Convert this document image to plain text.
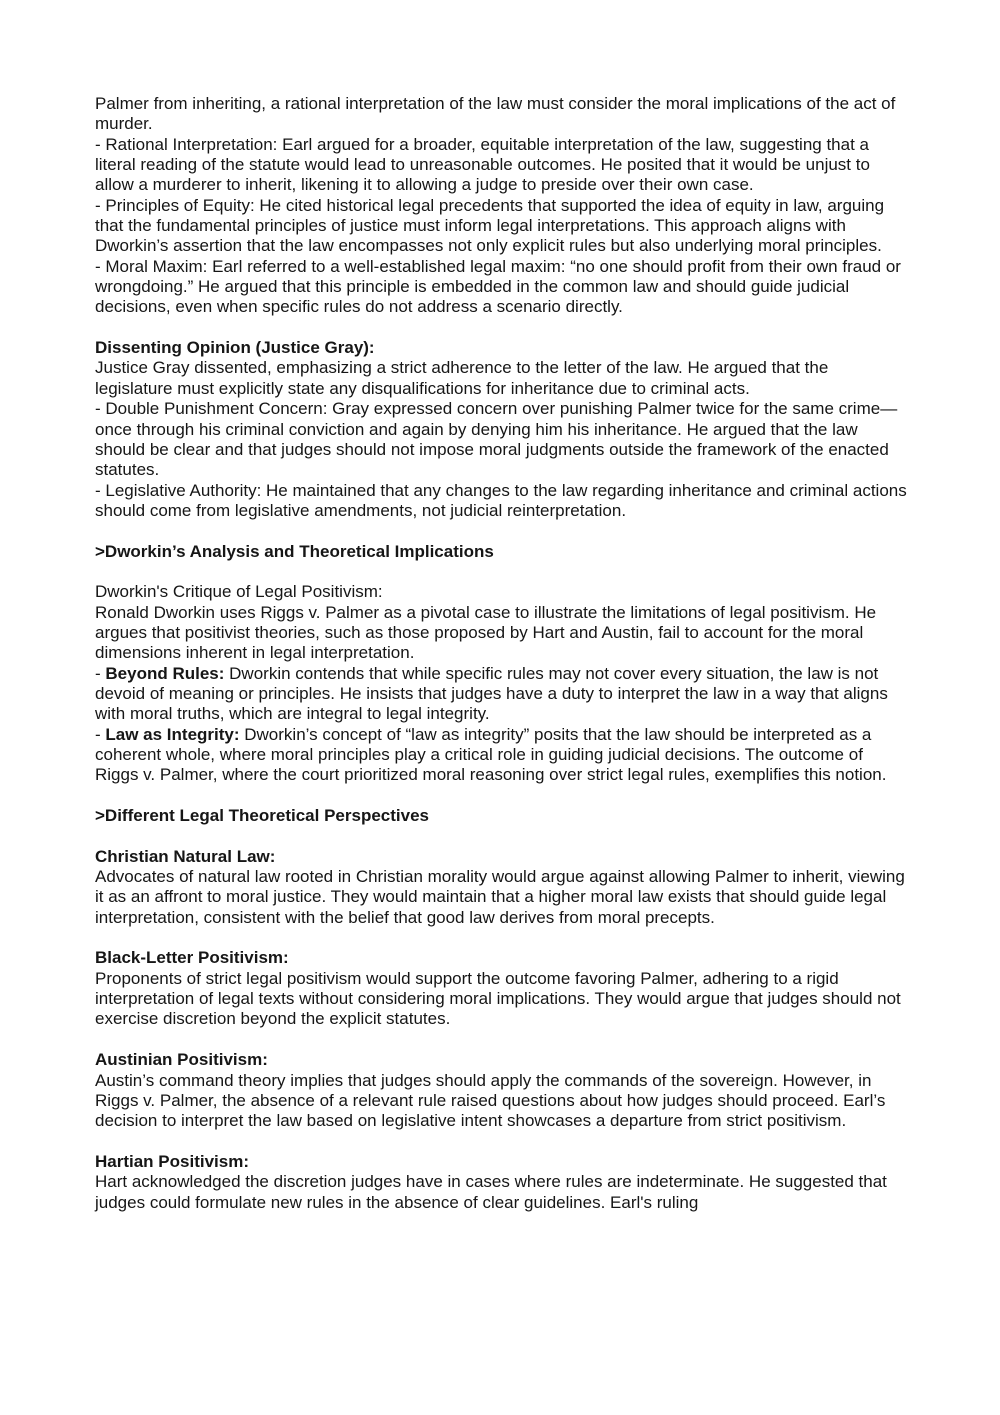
Palmer from inheriting, a rational interpretation of the law must consider the moral implications of the act of murder.

- Rational Interpretation: Earl argued for a broader, equitable interpretation of the law, suggesting that a literal reading of the statute would lead to unreasonable outcomes. He posited that it would be unjust to allow a murderer to inherit, likening it to allowing a judge to preside over their own case.

- Principles of Equity: He cited historical legal precedents that supported the idea of equity in law, arguing that the fundamental principles of justice must inform legal interpretations. This approach aligns with Dworkin’s assertion that the law encompasses not only explicit rules but also underlying moral principles.

- Moral Maxim: Earl referred to a well-established legal maxim: “no one should profit from their own fraud or wrongdoing.” He argued that this principle is embedded in the common law and should guide judicial decisions, even when specific rules do not address a scenario directly.

Dissenting Opinion (Justice Gray):

Justice Gray dissented, emphasizing a strict adherence to the letter of the law. He argued that the legislature must explicitly state any disqualifications for inheritance due to criminal acts.

- Double Punishment Concern: Gray expressed concern over punishing Palmer twice for the same crime—once through his criminal conviction and again by denying him his inheritance. He argued that the law should be clear and that judges should not impose moral judgments outside the framework of the enacted statutes.

- Legislative Authority: He maintained that any changes to the law regarding inheritance and criminal actions should come from legislative amendments, not judicial reinterpretation.

>Dworkin’s Analysis and Theoretical Implications

Dworkin's Critique of Legal Positivism:

Ronald Dworkin uses Riggs v. Palmer as a pivotal case to illustrate the limitations of legal positivism. He argues that positivist theories, such as those proposed by Hart and Austin, fail to account for the moral dimensions inherent in legal interpretation.

- Beyond Rules: Dworkin contends that while specific rules may not cover every situation, the law is not devoid of meaning or principles. He insists that judges have a duty to interpret the law in a way that aligns with moral truths, which are integral to legal integrity.

- Law as Integrity: Dworkin’s concept of “law as integrity” posits that the law should be interpreted as a coherent whole, where moral principles play a critical role in guiding judicial decisions. The outcome of Riggs v. Palmer, where the court prioritized moral reasoning over strict legal rules, exemplifies this notion.

>Different Legal Theoretical Perspectives

Christian Natural Law:

Advocates of natural law rooted in Christian morality would argue against allowing Palmer to inherit, viewing it as an affront to moral justice. They would maintain that a higher moral law exists that should guide legal interpretation, consistent with the belief that good law derives from moral precepts.

Black-Letter Positivism:

Proponents of strict legal positivism would support the outcome favoring Palmer, adhering to a rigid interpretation of legal texts without considering moral implications. They would argue that judges should not exercise discretion beyond the explicit statutes.

Austinian Positivism:

Austin’s command theory implies that judges should apply the commands of the sovereign. However, in Riggs v. Palmer, the absence of a relevant rule raised questions about how judges should proceed. Earl’s decision to interpret the law based on legislative intent showcases a departure from strict positivism.

Hartian Positivism:

Hart acknowledged the discretion judges have in cases where rules are indeterminate. He suggested that judges could formulate new rules in the absence of clear guidelines. Earl's ruling
